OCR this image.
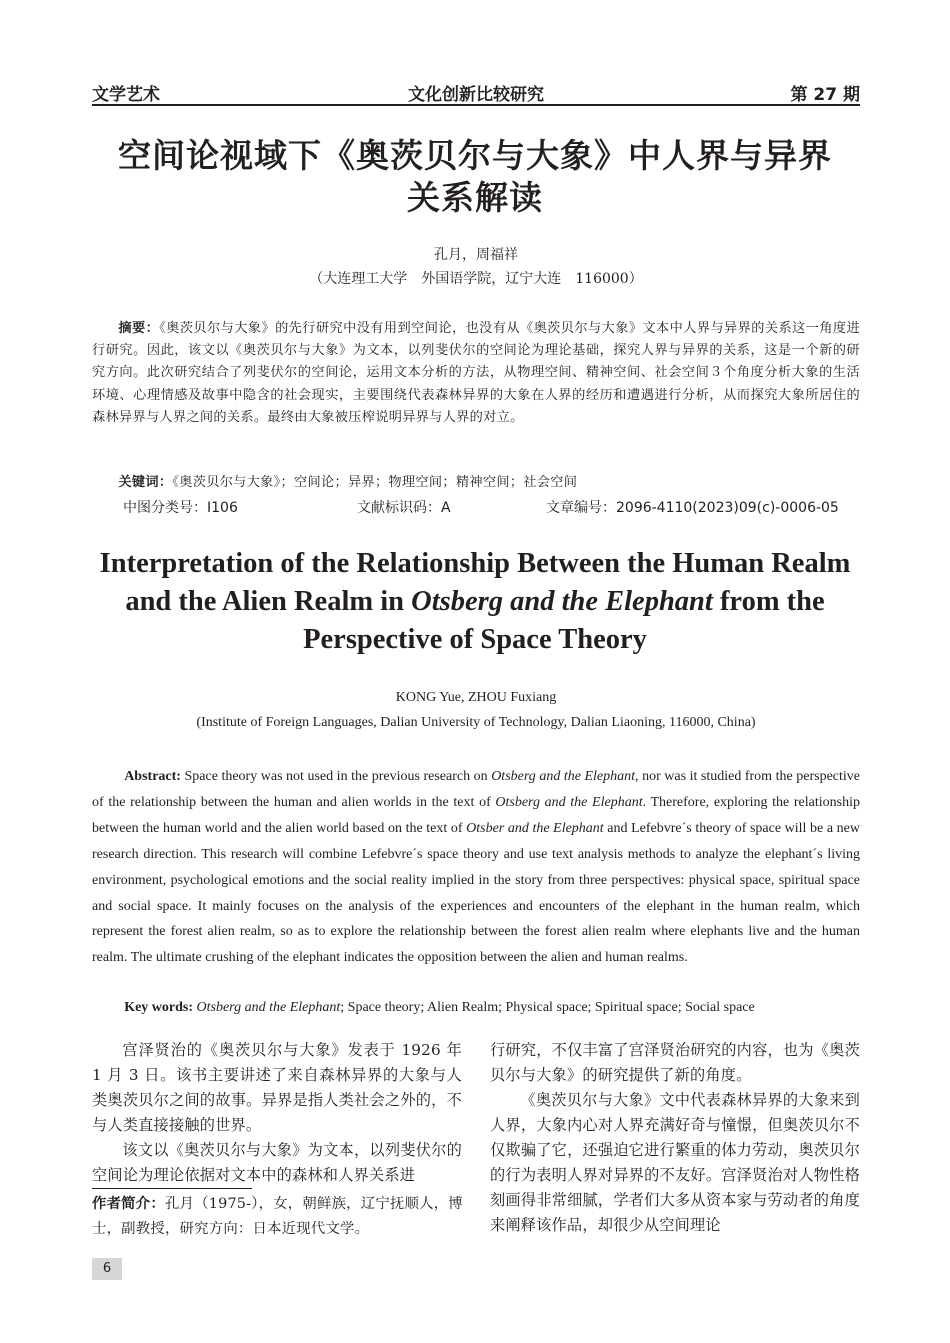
文学艺术	文化创新比较研究	第 27 期
空间论视域下《奥茨贝尔与大象》中人界与异界
关系解读
孔月，周福祥
（大连理工大学　外国语学院，辽宁大连　116000）
摘要：《奥茨贝尔与大象》的先行研究中没有用到空间论，也没有从《奥茨贝尔与大象》文本中人界与异界的关系这一角度进行研究。因此，该文以《奥茨贝尔与大象》为文本，以列斐伏尔的空间论为理论基础，探究人界与异界的关系，这是一个新的研究方向。此次研究结合了列斐伏尔的空间论，运用文本分析的方法，从物理空间、精神空间、社会空间３个角度分析大象的生活环境、心理情感及故事中隐含的社会现实，主要围绕代表森林异界的大象在人界的经历和遭遇进行分析，从而探究大象所居住的森林异界与人界之间的关系。最终由大象被压榨说明异界与人界的对立。
关键词：《奥茨贝尔与大象》；空间论；异界；物理空间；精神空间；社会空间
中图分类号：I106	文献标识码：A	文章编号：2096-4110(2023)09(c)-0006-05
Interpretation of the Relationship Between the Human Realm
and the Alien Realm in Otsberg and the Elephant from the
Perspective of Space Theory
KONG Yue, ZHOU Fuxiang
(Institute of Foreign Languages, Dalian University of Technology, Dalian Liaoning, 116000, China)
Abstract: Space theory was not used in the previous research on Otsberg and the Elephant, nor was it studied from the perspective of the relationship between the human and alien worlds in the text of Otsberg and the Elephant. Therefore, exploring the relationship between the human world and the alien world based on the text of Otsber and the Elephant and Lefebvre´s theory of space will be a new research direction. This research will combine Lefebvre´s space theory and use text analysis methods to analyze the elephant´s living environment, psychological emotions and the social reality implied in the story from three perspectives: physical space, spiritual space and social space. It mainly focuses on the analysis of the experiences and encounters of the elephant in the human realm, which represent the forest alien realm, so as to explore the relationship between the forest alien realm where elephants live and the human realm. The ultimate crushing of the elephant indicates the opposition between the alien and human realms.
Key words: Otsberg and the Elephant; Space theory; Alien Realm; Physical space; Spiritual space; Social space

宫泽贤治的《奥茨贝尔与大象》发表于 1926 年 1 月 3 日。该书主要讲述了来自森林异界的大象与人类奥茨贝尔之间的故事。异界是指人类社会之外的，不与人类直接接触的世界。

该文以《奥茨贝尔与大象》为文本，以列斐伏尔的空间论为理论依据对文本中的森林和人界关系进

行研究，不仅丰富了宫泽贤治研究的内容，也为《奥茨贝尔与大象》的研究提供了新的角度。

《奥茨贝尔与大象》文中代表森林异界的大象来到人界，大象内心对人界充满好奇与憧憬，但奥茨贝尔不仅欺骗了它，还强迫它进行繁重的体力劳动，奥茨贝尔的行为表明人界对异界的不友好。宫泽贤治对人物性格刻画得非常细腻，学者们大多从资本家与劳动者的角度来阐释该作品，却很少从空间理论

作者简介：孔月（1975-），女，朝鲜族，辽宁抚顺人，博士，副教授，研究方向：日本近现代文学。
6
